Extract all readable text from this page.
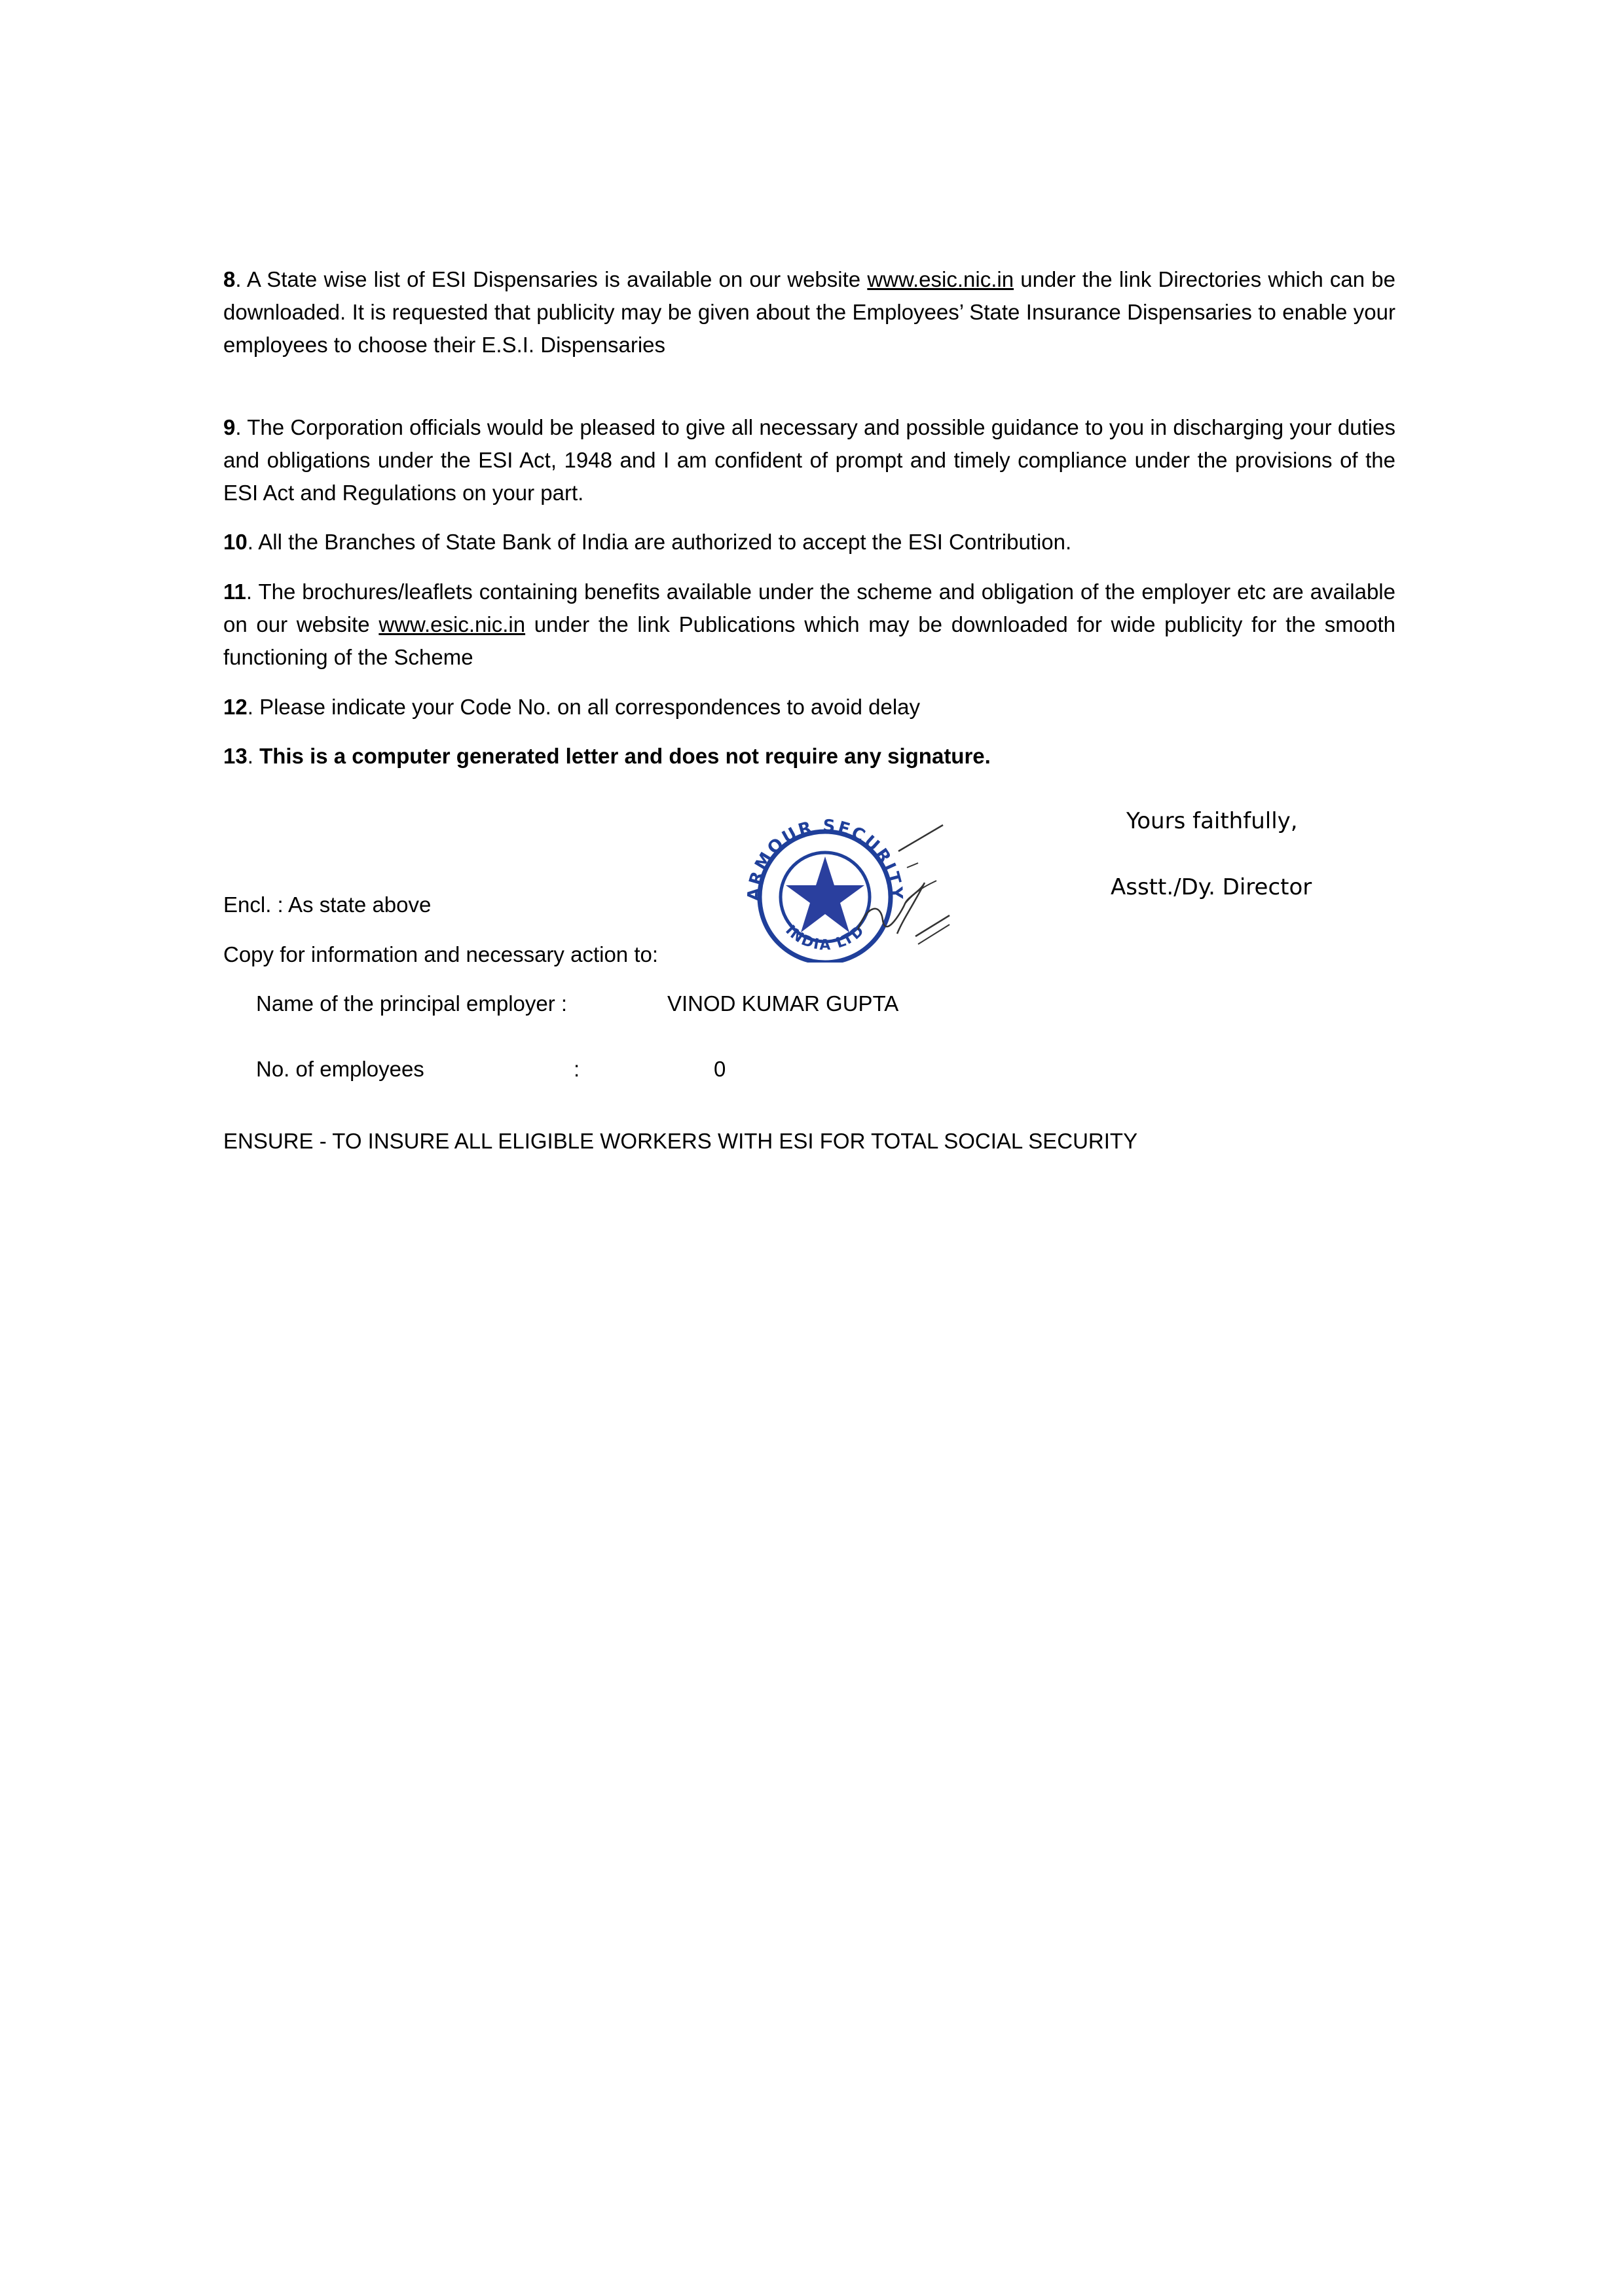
8. A State wise list of ESI Dispensaries is available on our website www.esic.nic.in under the link Directories which can be downloaded. It is requested that publicity may be given about the Employees’ State Insurance Dispensaries to enable your employees to choose their E.S.I. Dispensaries

9. The Corporation officials would be pleased to give all necessary and possible guidance to you in discharging your duties and obligations under the ESI Act, 1948 and I am confident of prompt and timely compliance under the provisions of the ESI Act and Regulations on your part.

10. All the Branches of State Bank of India are authorized to accept the ESI Contribution.

11. The brochures/leaflets containing benefits available under the scheme and obligation of the employer etc are available on our website www.esic.nic.in under the link Publications which may be downloaded for wide publicity for the smooth functioning of the Scheme

12. Please indicate your Code No. on all correspondences to avoid delay

13. This is a computer generated letter and does not require any signature.

Yours faithfully,
Asstt./Dy. Director

Encl. : As state above

Copy for information and necessary action to:

ARMOUR SECURITY
INDIA LTD
Name of the principal employer :	VINOD KUMAR GUPTA
No. of employees	:	0

ENSURE - TO INSURE ALL ELIGIBLE WORKERS WITH ESI FOR TOTAL SOCIAL SECURITY
